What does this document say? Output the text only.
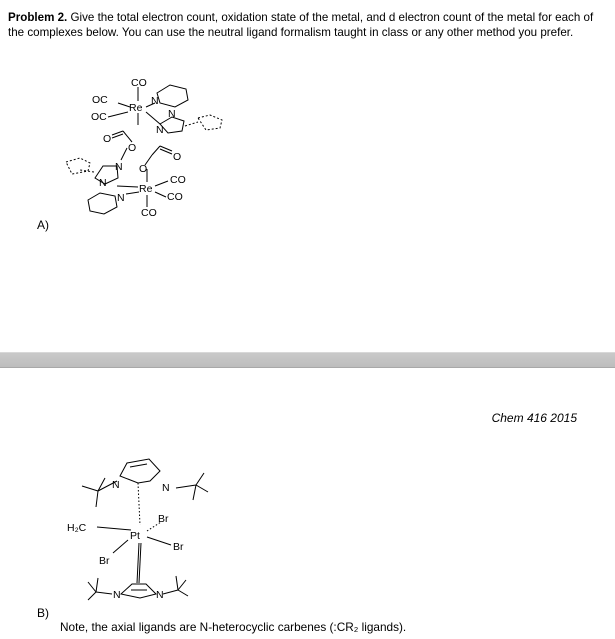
Problem 2. Give the total electron count, oxidation state of the metal, and d electron count of the metal for each of the complexes below. You can use the neutral ligand formalism taught in class or any other method you prefer.
CO
OC
Re
N
OC	N
N
O
O
O
O
N
CO
N	Re
N	CO
CO
A)
Chem 416 2015
N	N
Br
H₂C
Pt
Br
Br
N	N
B)
Note, the axial ligands are N-heterocyclic carbenes (:CR₂ ligands).
